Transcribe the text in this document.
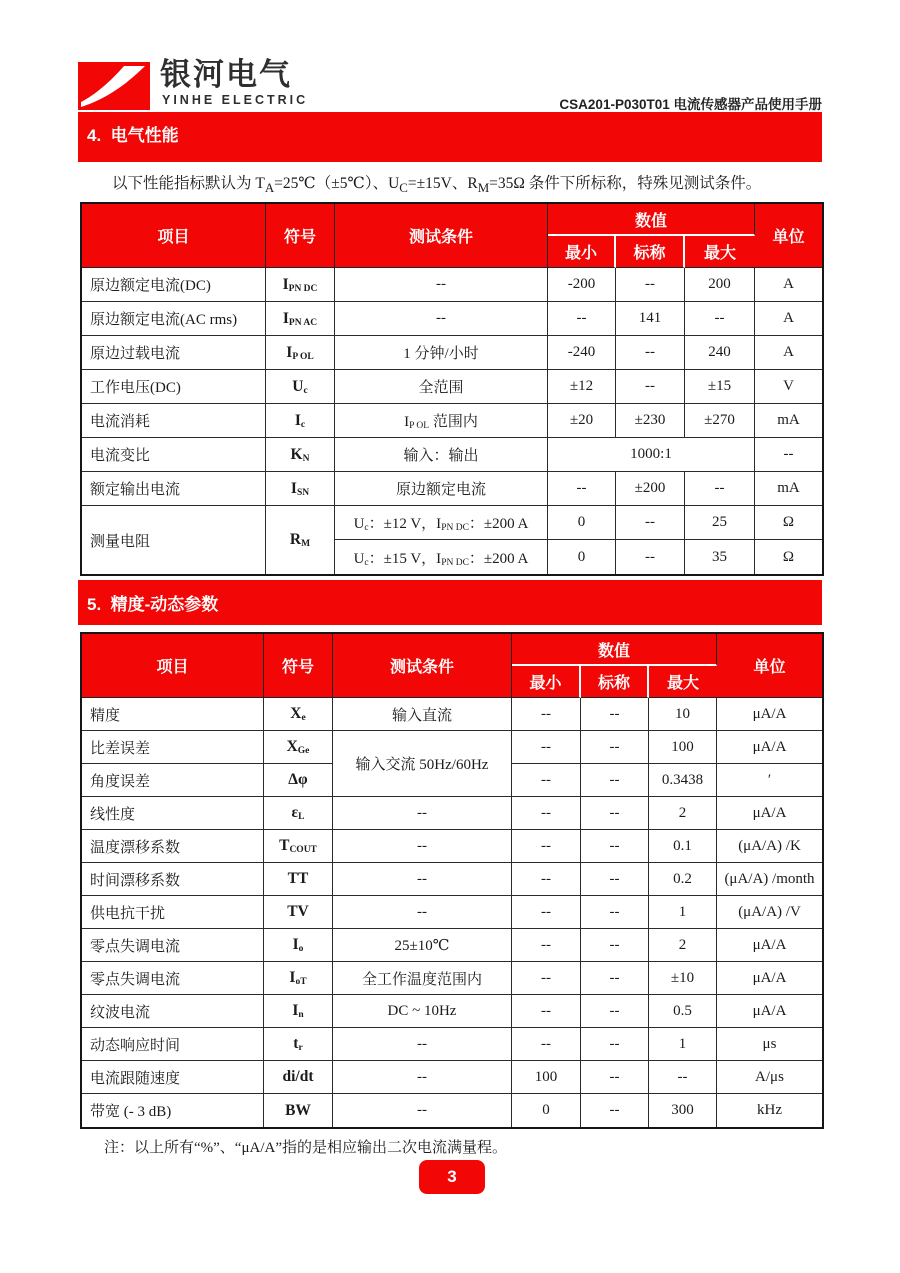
银河电气
YINHE ELECTRIC	CSA201-P030T01 电流传感器产品使用手册
4.  电气性能
以下性能指标默认为 $T_A=25℃(\pm 5℃)$、$U_C=\pm 15V$、$R_M=35\Omega$ 条件下所标称，特殊见测试条件。
项目	符号	测试条件	数值			单位
			最小	标称	最大	
原边额定电流(DC)	$I_{PN DC}$	--	-200	--	200	A
原边额定电流(AC rms)	$I_{PN AC}$	--	--	141	--	A
原边过载电流	$I_{P OL}$	1 分钟/小时	-240	--	240	A
工作电压(DC)	$U_c$	全范围	±12	--	±15	V
电流消耗	$I_c$	$I_{P OL}$ 范围内	±20	±230	±270	mA
电流变比	$K_N$	输入：输出	1000:1			--
额定输出电流	$I_{SN}$	原边额定电流	--	±200	--	mA
测量电阻	$R_M$	$U_c$：±12 V，$I_{PN DC}$：±200 A	0	--	25	Ω
		$U_c$：±15 V，$I_{PN DC}$：±200 A	0	--	35	Ω
5.  精度-动态参数
项目	符号	测试条件	数值			单位
			最小	标称	最大	
精度	$X_e$	输入直流	--	--	10	μA/A
比差误差	$X_{Ge}$	输入交流 50Hz/60Hz	--	--	100	μA/A
角度误差	Δφ		--	--	0.3438	′
线性度	$\varepsilon_L$	--	--	--	2	μA/A
温度漂移系数	$T_{COUT}$	--	--	--	0.1	(μA/A) /K
时间漂移系数	TT	--	--	--	0.2	(μA/A) /month
供电抗干扰	TV	--	--	--	1	(μA/A) /V
零点失调电流	$I_o$	25±10℃	--	--	2	μA/A
零点失调电流	$I_{oT}$	全工作温度范围内	--	--	±10	μA/A
纹波电流	$I_n$	DC ~ 10Hz	--	--	0.5	μA/A
动态响应时间	$t_r$	--	--	--	1	μs
电流跟随速度	di/dt	--	100	--	--	A/μs
带宽 (- 3 dB)	BW	--	0	--	300	kHz
注：以上所有“%”、“μA/A”指的是相应输出二次电流满量程。
3
